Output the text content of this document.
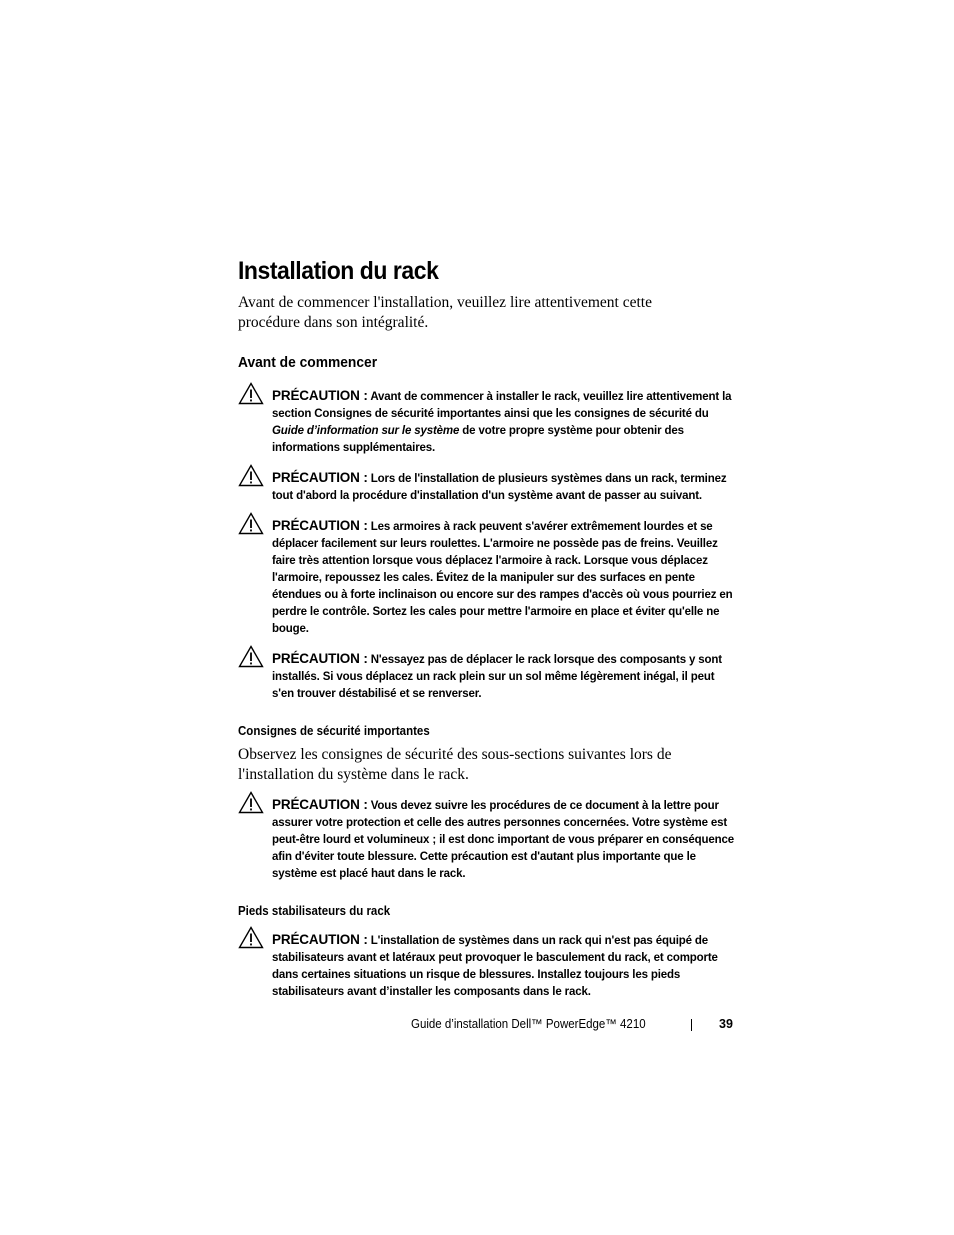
Installation du rack

Avant de commencer l'installation, veuillez lire attentivement cette procédure dans son intégralité.

Avant de commencer
PRÉCAUTION : Avant de commencer à installer le rack, veuillez lire attentivement la section Consignes de sécurité importantes ainsi que les consignes de sécurité du Guide d’information sur le système de votre propre système pour obtenir des informations supplémentaires.
PRÉCAUTION : Lors de l'installation de plusieurs systèmes dans un rack, terminez tout d'abord la procédure d'installation d'un système avant de passer au suivant.
PRÉCAUTION : Les armoires à rack peuvent s'avérer extrêmement lourdes et se déplacer facilement sur leurs roulettes. L'armoire ne possède pas de freins. Veuillez faire très attention lorsque vous déplacez l'armoire à rack. Lorsque vous déplacez l'armoire, repoussez les cales. Évitez de la manipuler sur des surfaces en pente étendues ou à forte inclinaison ou encore sur des rampes d'accès où vous pourriez en perdre le contrôle. Sortez les cales pour mettre l'armoire en place et éviter qu'elle ne bouge.
PRÉCAUTION : N'essayez pas de déplacer le rack lorsque des composants y sont installés. Si vous déplacez un rack plein sur un sol même légèrement inégal, il peut s'en trouver déstabilisé et se renverser.
Consignes de sécurité importantes

Observez les consignes de sécurité des sous-sections suivantes lors de l'installation du système dans le rack.

PRÉCAUTION : Vous devez suivre les procédures de ce document à la lettre pour assurer votre protection et celle des autres personnes concernées. Votre système est peut-être lourd et volumineux ; il est donc important de vous préparer en conséquence afin d'éviter toute blessure. Cette précaution est d'autant plus importante que le système est placé haut dans le rack.
Pieds stabilisateurs du rack
PRÉCAUTION : L'installation de systèmes dans un rack qui n'est pas équipé de stabilisateurs avant et latéraux peut provoquer le basculement du rack, et comporte dans certaines situations un risque de blessures. Installez toujours les pieds stabilisateurs avant d’installer les composants dans le rack.
Guide d’installation Dell™ PowerEdge™ 4210	39
